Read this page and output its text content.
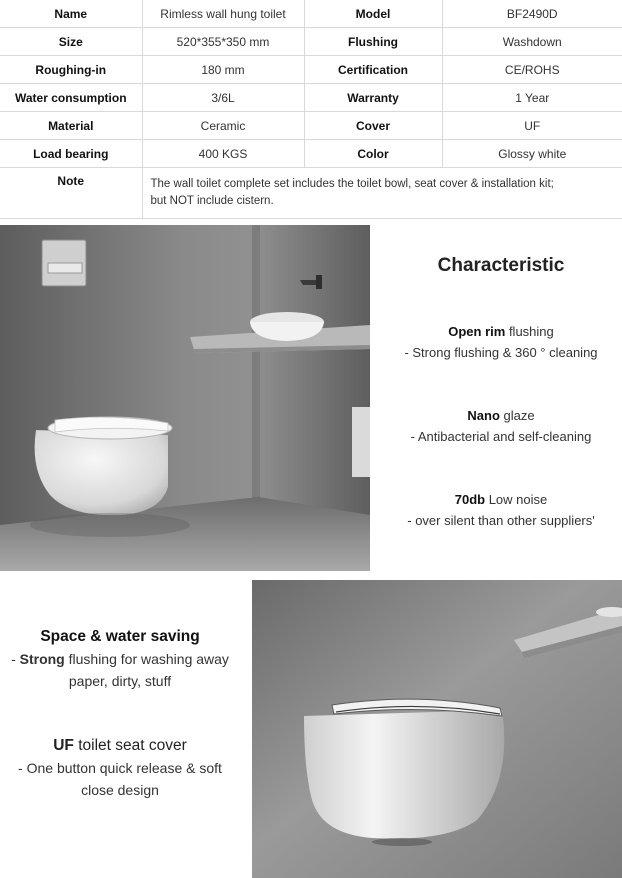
Name	Rimless wall hung toilet	Model	BF2490D
Size	520*355*350 mm	Flushing	Washdown
Roughing-in	180 mm	Certification	CE/ROHS
Water consumption	3/6L	Warranty	1 Year
Material	Ceramic	Cover	UF
Load bearing	400 KGS	Color	Glossy white
Note	The wall toilet complete set includes the toilet bowl, seat cover & installation kit;
but NOT include cistern.		
Characteristic
Open rim flushing
- Strong flushing & 360 ° cleaning
Nano glaze
- Antibacterial and self-cleaning
70db Low noise
- over silent than other suppliers'
Space & water saving
- Strong flushing for washing away
paper, dirty, stuff
UF toilet seat cover
- One button quick release & soft
close design
